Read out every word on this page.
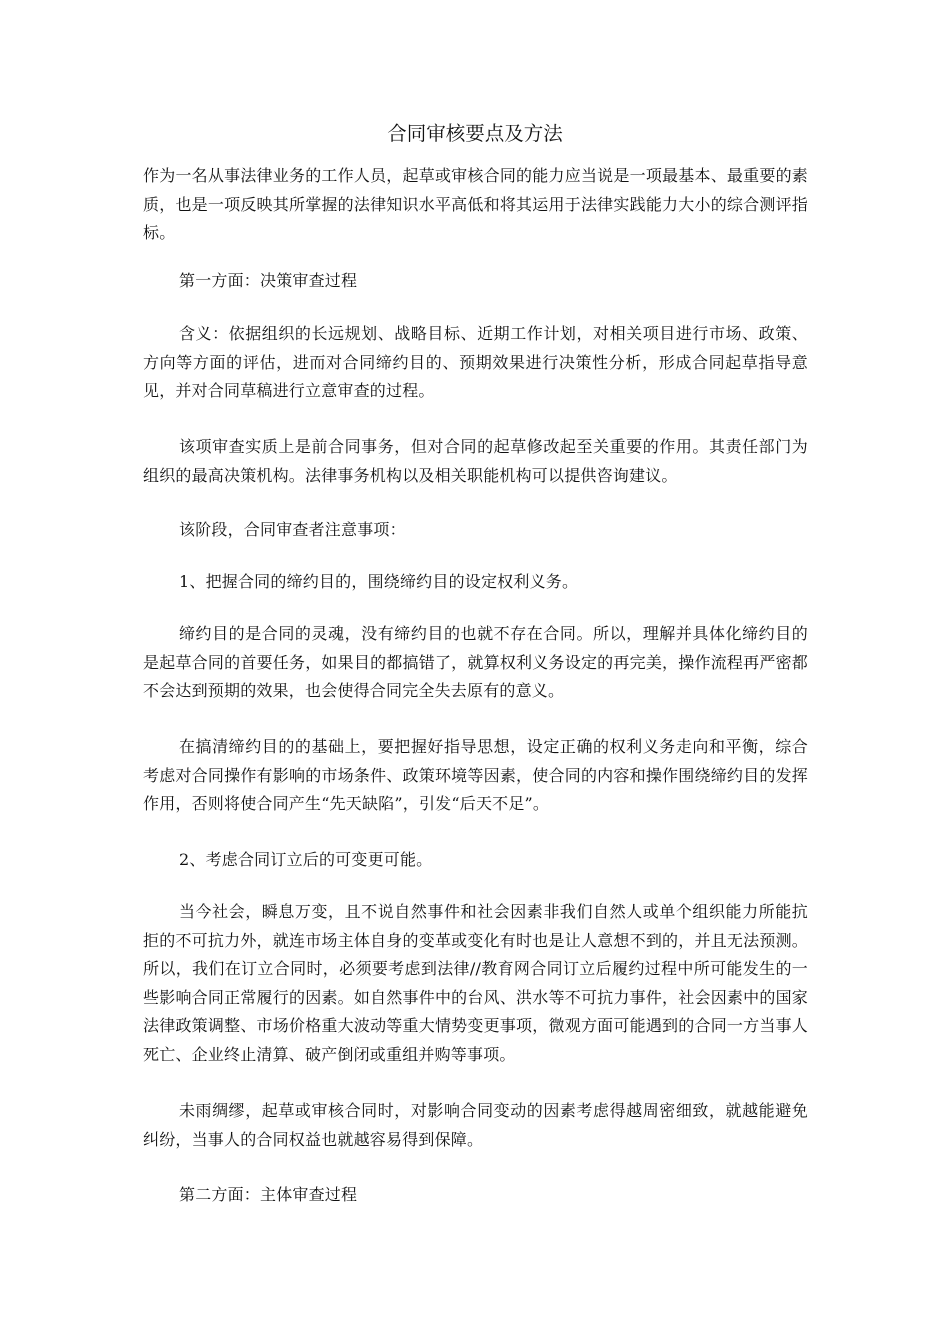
合同审核要点及方法

作为一名从事法律业务的工作人员，起草或审核合同的能力应当说是一项最基本、最重要的素质，也是一项反映其所掌握的法律知识水平高低和将其运用于法律实践能力大小的综合测评指标。

第一方面：决策审查过程

含义：依据组织的长远规划、战略目标、近期工作计划，对相关项目进行市场、政策、方向等方面的评估，进而对合同缔约目的、预期效果进行决策性分析，形成合同起草指导意见，并对合同草稿进行立意审查的过程。

该项审查实质上是前合同事务，但对合同的起草修改起至关重要的作用。其责任部门为组织的最高决策机构。法律事务机构以及相关职能机构可以提供咨询建议。

该阶段，合同审查者注意事项：

1、把握合同的缔约目的，围绕缔约目的设定权利义务。

缔约目的是合同的灵魂，没有缔约目的也就不存在合同。所以，理解并具体化缔约目的是起草合同的首要任务，如果目的都搞错了，就算权利义务设定的再完美，操作流程再严密都不会达到预期的效果，也会使得合同完全失去原有的意义。

在搞清缔约目的的基础上，要把握好指导思想，设定正确的权利义务走向和平衡，综合考虑对合同操作有影响的市场条件、政策环境等因素，使合同的内容和操作围绕缔约目的发挥作用，否则将使合同产生“先天缺陷”，引发“后天不足”。

2、考虑合同订立后的可变更可能。

当今社会，瞬息万变，且不说自然事件和社会因素非我们自然人或单个组织能力所能抗拒的不可抗力外，就连市场主体自身的变革或变化有时也是让人意想不到的，并且无法预测。所以，我们在订立合同时，必须要考虑到法律//教育网合同订立后履约过程中所可能发生的一些影响合同正常履行的因素。如自然事件中的台风、洪水等不可抗力事件，社会因素中的国家法律政策调整、市场价格重大波动等重大情势变更事项，微观方面可能遇到的合同一方当事人死亡、企业终止清算、破产倒闭或重组并购等事项。

未雨绸缪，起草或审核合同时，对影响合同变动的因素考虑得越周密细致，就越能避免纠纷，当事人的合同权益也就越容易得到保障。

第二方面：主体审查过程
